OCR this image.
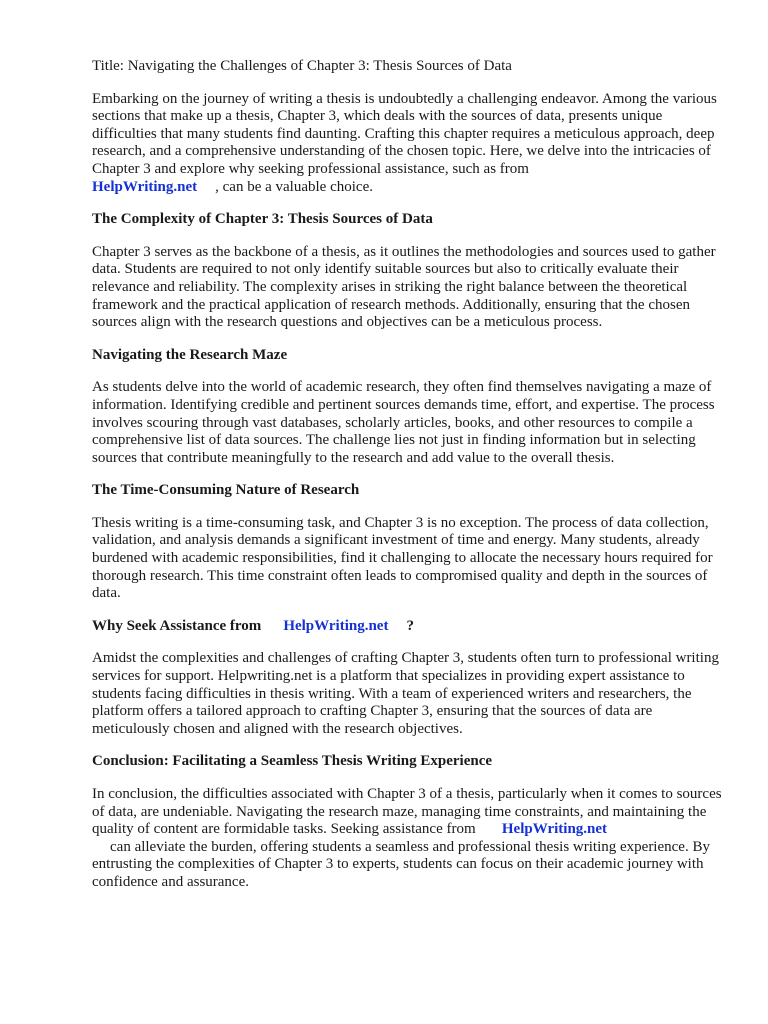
Title: Navigating the Challenges of Chapter 3: Thesis Sources of Data

Embarking on the journey of writing a thesis is undoubtedly a challenging endeavor. Among the various sections that make up a thesis, Chapter 3, which deals with the sources of data, presents unique difficulties that many students find daunting. Crafting this chapter requires a meticulous approach, deep research, and a comprehensive understanding of the chosen topic. Here, we delve into the intricacies of Chapter 3 and explore why seeking professional assistance, such as from
HelpWriting.net , can be a valuable choice.

The Complexity of Chapter 3: Thesis Sources of Data

Chapter 3 serves as the backbone of a thesis, as it outlines the methodologies and sources used to gather data. Students are required to not only identify suitable sources but also to critically evaluate their relevance and reliability. The complexity arises in striking the right balance between the theoretical framework and the practical application of research methods. Additionally, ensuring that the chosen sources align with the research questions and objectives can be a meticulous process.

Navigating the Research Maze

As students delve into the world of academic research, they often find themselves navigating a maze of information. Identifying credible and pertinent sources demands time, effort, and expertise. The process involves scouring through vast databases, scholarly articles, books, and other resources to compile a comprehensive list of data sources. The challenge lies not just in finding information but in selecting sources that contribute meaningfully to the research and add value to the overall thesis.

The Time-Consuming Nature of Research

Thesis writing is a time-consuming task, and Chapter 3 is no exception. The process of data collection, validation, and analysis demands a significant investment of time and energy. Many students, already burdened with academic responsibilities, find it challenging to allocate the necessary hours required for thorough research. This time constraint often leads to compromised quality and depth in the sources of data.

Why Seek Assistance from HelpWriting.net ?

Amidst the complexities and challenges of crafting Chapter 3, students often turn to professional writing services for support. Helpwriting.net is a platform that specializes in providing expert assistance to students facing difficulties in thesis writing. With a team of experienced writers and researchers, the platform offers a tailored approach to crafting Chapter 3, ensuring that the sources of data are meticulously chosen and aligned with the research objectives.

Conclusion: Facilitating a Seamless Thesis Writing Experience

In conclusion, the difficulties associated with Chapter 3 of a thesis, particularly when it comes to sources of data, are undeniable. Navigating the research maze, managing time constraints, and maintaining the quality of content are formidable tasks. Seeking assistance from HelpWriting.net
can alleviate the burden, offering students a seamless and professional thesis writing experience. By entrusting the complexities of Chapter 3 to experts, students can focus on their academic journey with confidence and assurance.
